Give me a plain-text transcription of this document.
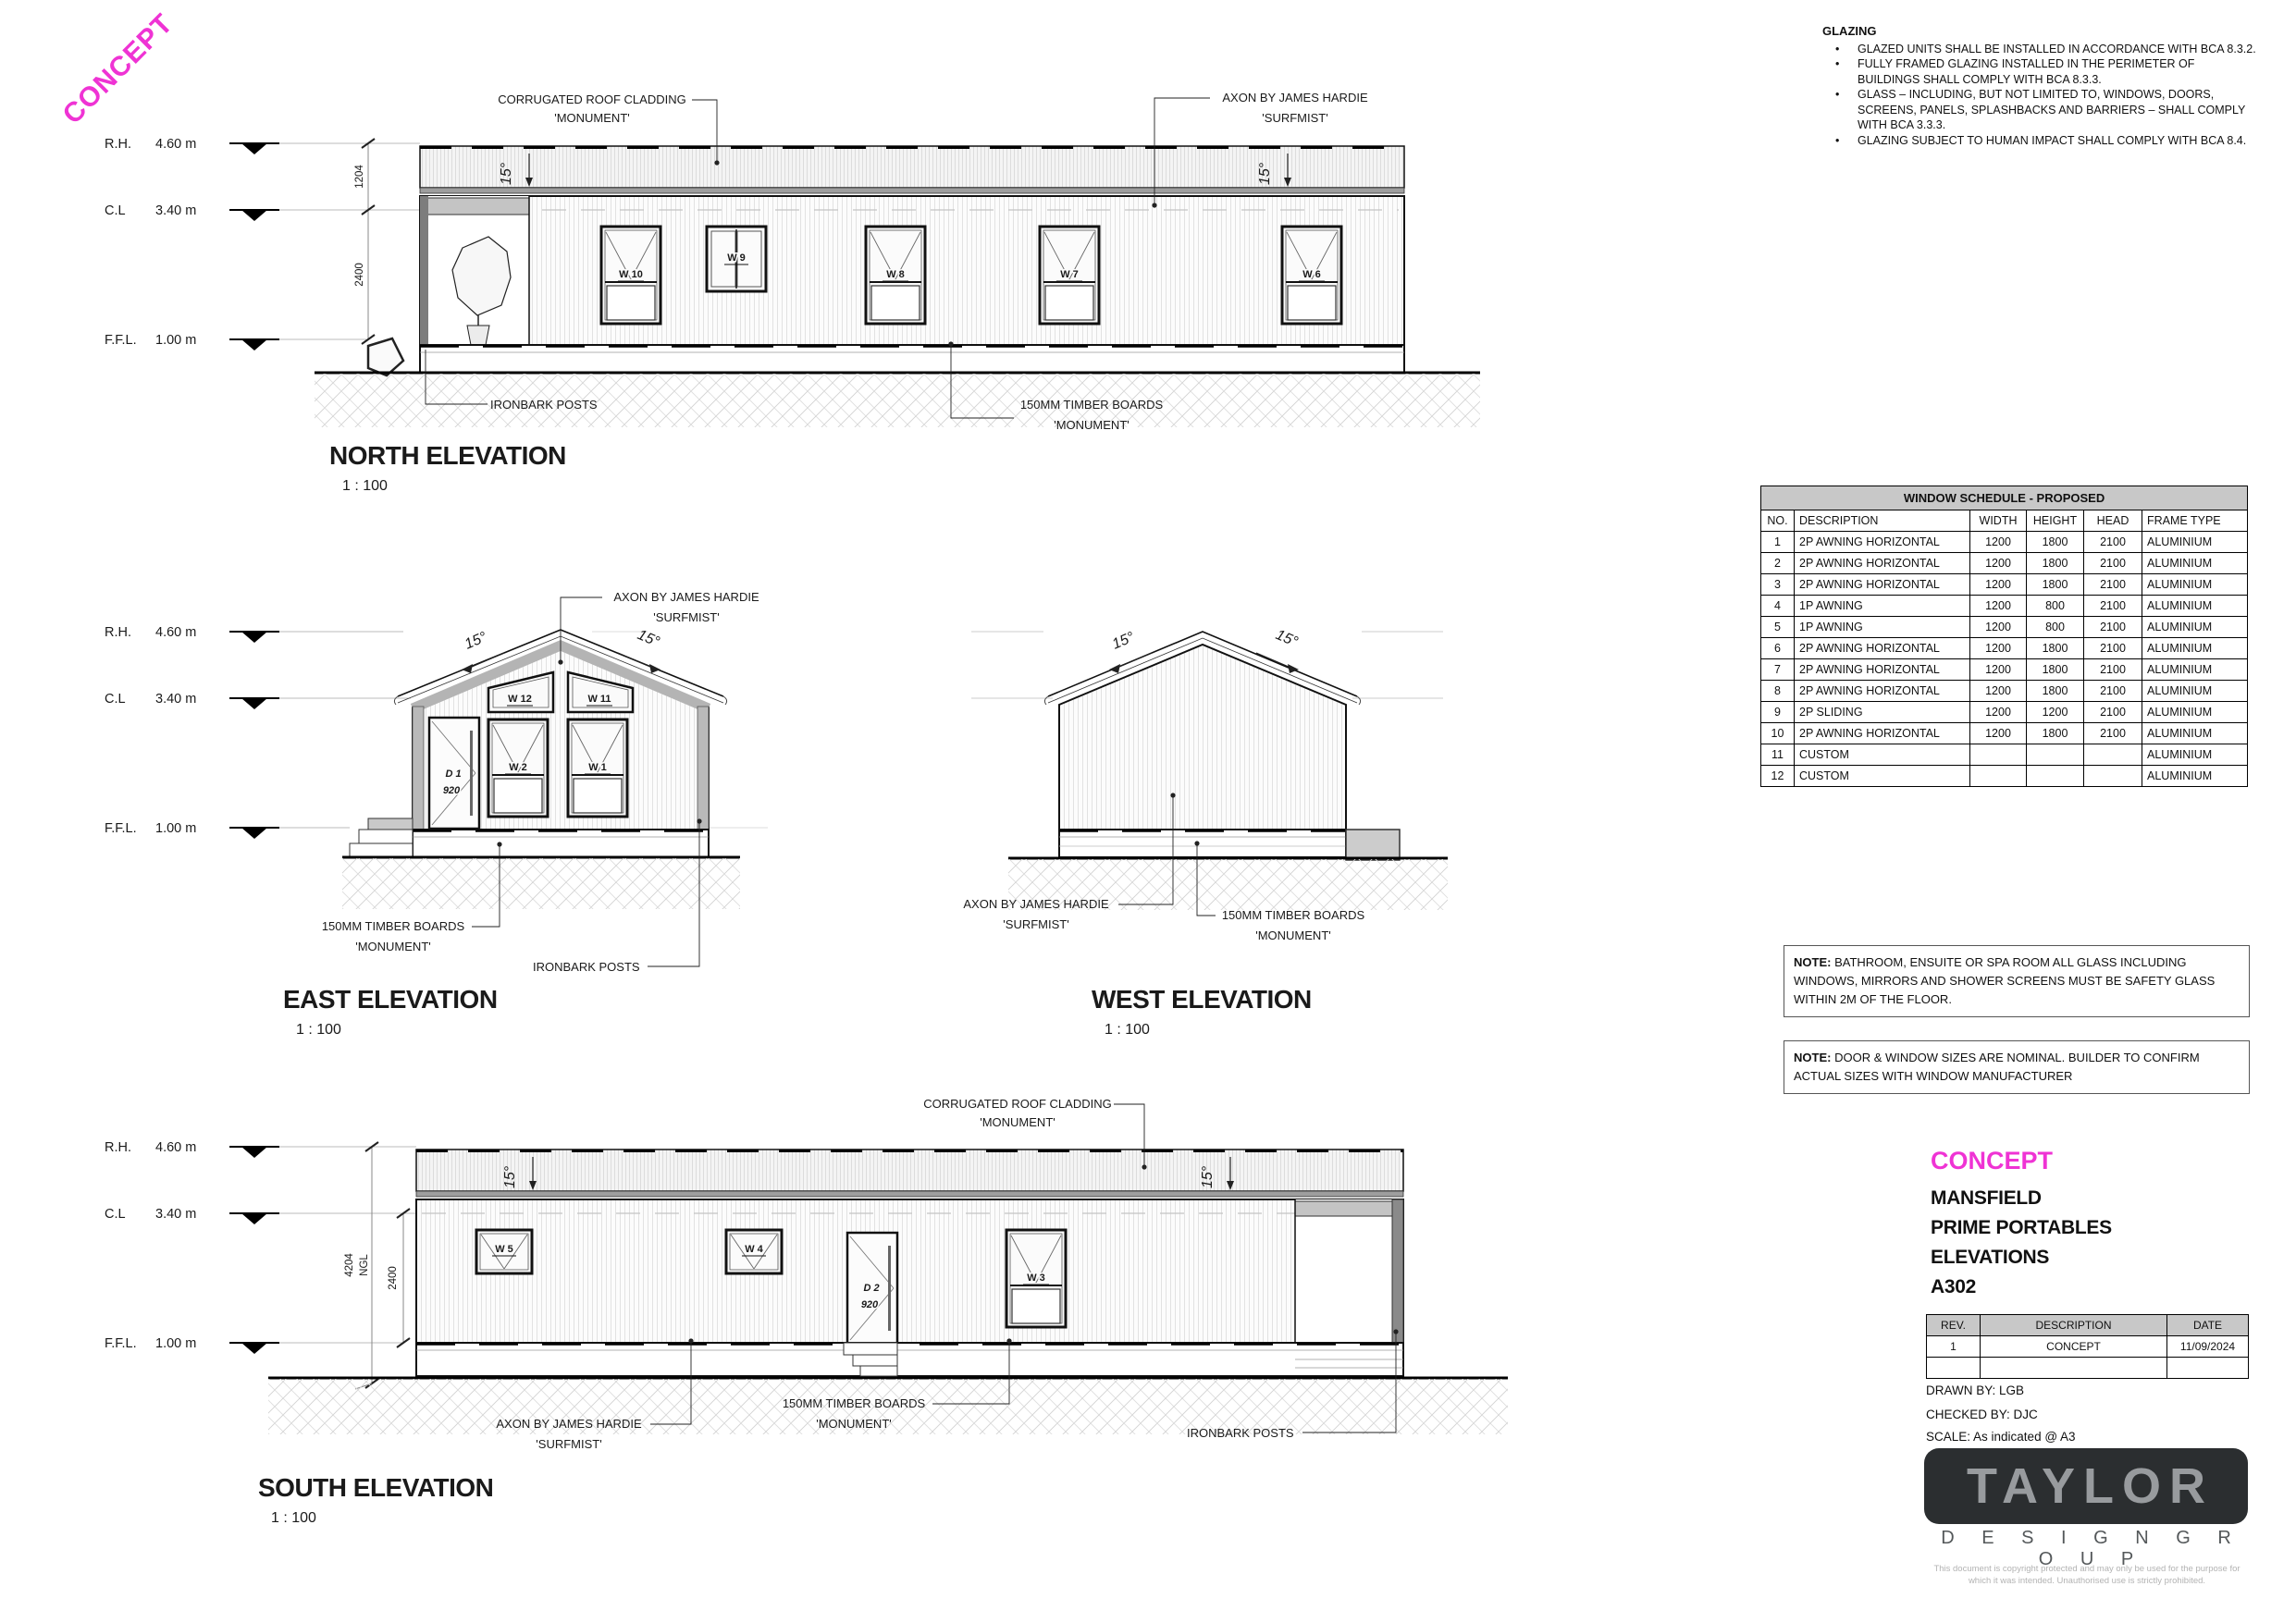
R.H. 4.60 m
C.L 3.40 m
F.F.L. 1.00 m
1204
2400	W 10
W 9
W 8	W 7	W 6
15°	15°
CORRUGATED ROOF CLADDING
'MONUMENT'
AXON BY JAMES HARDIE
'SURFMIST'
IRONBARK POSTS	150MM TIMBER BOARDS
'MONUMENT'
NORTH ELEVATION
1 : 100
R.H. 4.60 m
C.L 3.40 m
F.F.L. 1.00 m
W 12	W 11
D 1
920
W 2	W 1
15°	15°
AXON BY JAMES HARDIE
'SURFMIST'
150MM TIMBER BOARDS
'MONUMENT'
IRONBARK POSTS
EAST ELEVATION
1 : 100
15°	15°
AXON BY JAMES HARDIE
'SURFMIST'
150MM TIMBER BOARDS
'MONUMENT'
WEST ELEVATION
1 : 100
R.H. 4.60 m
C.L 3.40 m
F.F.L. 1.00 m
4204 NGL
2400
W 5	W 4
D 2
920
W 3
15°	15°
CORRUGATED ROOF CLADDING
'MONUMENT'
AXON BY JAMES HARDIE
'SURFMIST'
150MM TIMBER BOARDS
'MONUMENT'
IRONBARK POSTS
SOUTH ELEVATION
1 : 100
CONCEPT	GLAZING
• GLAZED UNITS SHALL BE INSTALLED IN ACCORDANCE WITH BCA 8.3.2.
• FULLY FRAMED GLAZING INSTALLED IN THE PERIMETER OF BUILDINGS SHALL COMPLY WITH BCA 8.3.3.
• GLASS – INCLUDING, BUT NOT LIMITED TO, WINDOWS, DOORS, SCREENS, PANELS, SPLASHBACKS AND BARRIERS – SHALL COMPLY WITH BCA 3.3.3.
• GLAZING SUBJECT TO HUMAN IMPACT SHALL COMPLY WITH BCA 8.4.
WINDOW SCHEDULE - PROPOSED					
NO.	DESCRIPTION	WIDTH	HEIGHT	HEAD	FRAME TYPE
1	2P AWNING HORIZONTAL	1200	1800	2100	ALUMINIUM
2	2P AWNING HORIZONTAL	1200	1800	2100	ALUMINIUM
3	2P AWNING HORIZONTAL	1200	1800	2100	ALUMINIUM
4	1P AWNING	1200	800	2100	ALUMINIUM
5	1P AWNING	1200	800	2100	ALUMINIUM
6	2P AWNING HORIZONTAL	1200	1800	2100	ALUMINIUM
7	2P AWNING HORIZONTAL	1200	1800	2100	ALUMINIUM
8	2P AWNING HORIZONTAL	1200	1800	2100	ALUMINIUM
9	2P SLIDING	1200	1200	2100	ALUMINIUM
10	2P AWNING HORIZONTAL	1200	1800	2100	ALUMINIUM
11	CUSTOM				ALUMINIUM
12	CUSTOM				ALUMINIUM
NOTE: BATHROOM, ENSUITE OR SPA ROOM ALL GLASS INCLUDING WINDOWS, MIRRORS AND SHOWER SCREENS MUST BE SAFETY GLASS WITHIN 2M OF THE FLOOR.
NOTE: DOOR & WINDOW SIZES ARE NOMINAL. BUILDER TO CONFIRM ACTUAL SIZES WITH WINDOW MANUFACTURER
CONCEPT
MANSFIELD
PRIME PORTABLES
ELEVATIONS
A302
REV.	DESCRIPTION	DATE
1	CONCEPT	11/09/2024

DRAWN BY: LGB
CHECKED BY: DJC
SCALE: As indicated @ A3
TAYLOR
D E S I G N G R O U P
This document is copyright protected and may only be used for the purpose for which it was intended. Unauthorised use is strictly prohibited.
